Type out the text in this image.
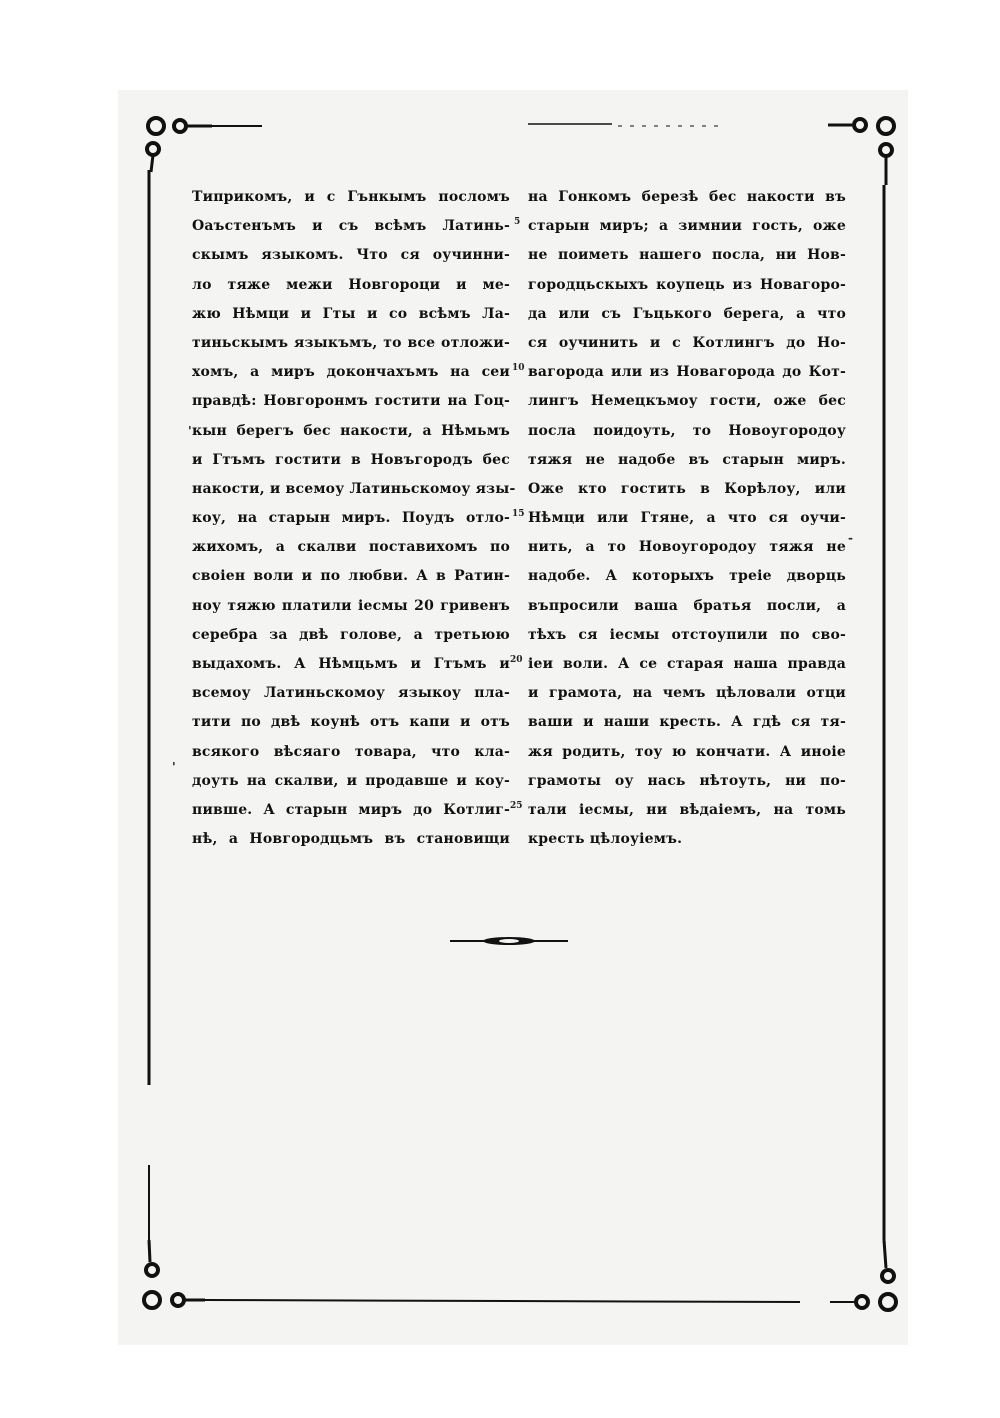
Типрикомъ, и с Гънкымъ посломъ
Оаъстенъмъ и съ всѣмъ Латинь-
скымъ языкомъ. Что ся оучинни-
ло тяже межи Новгороци и ме-
жю Нѣмци и Гты и со всѣмъ Ла-
тиньскымъ языкъмъ, то все отложи-
хомъ, а миръ докончахъмъ на сеи
правдѣ: Новгоронмъ гостити на Гоц-
кын берегъ бес накости, а Нѣмьмъ
и Гтъмъ гостити в Новъгородъ бес
накости, и всемоу Латиньскомоу язы-
коу, на старын миръ. Поудъ отло-
жихомъ, а скалви поставихомъ по
своіен воли и по любви. А в Ратин-
ноу тяжю платили іесмы 20 гривенъ
серебра за двѣ голове, а третьюю
выдахомъ. А Нѣмцьмъ и Гтъмъ и
всемоу Латиньскомоу языкоу пла-
тити по двѣ коунѣ отъ капи и отъ
всякого вѣсяагo товара, что кла-
доуть на скалви, и продавше и коу-
пивше. А старын миръ до Котлиг-
нѣ, а Новгородцьмъ въ становищи
на Гонкомъ березѣ бес накости въ
старын миръ; а зимнии гость, оже
не поиметь нашего посла, ни Нов-
городцьскыхъ коупець из Новагоро-
да или съ Гъцького берега, а что
ся оучинить и с Котлингъ до Но-
вагорода или из Новагорода до Кот-
лингъ Немецкъмоу гости, оже бес
посла поидоуть, то Новоугородоу
тяжя не надобе въ старын миръ.
Оже кто гостить в Корѣлоу, или
Нѣмци или Гтяне, а что ся оучи-
нить, а то Новоугородоу тяжя не
надобе. А которыхъ треіе дворць
въпросили ваша братья посли, а
тѣхъ ся іесмы отстоупили по сво-
іеи воли. А се старая наша правда
и грамота, на чемъ цѣловали отци
ваши и наши кресть. А гдѣ ся тя-
жя родить, тоу ю кончати. А иноіе
грамоты оу нась нѣтоуть, ни по-
тали іесмы, ни вѣдаіемъ, на томь
кресть цѣлоуіемъ.
5
10
15
20
25
'
-
'
